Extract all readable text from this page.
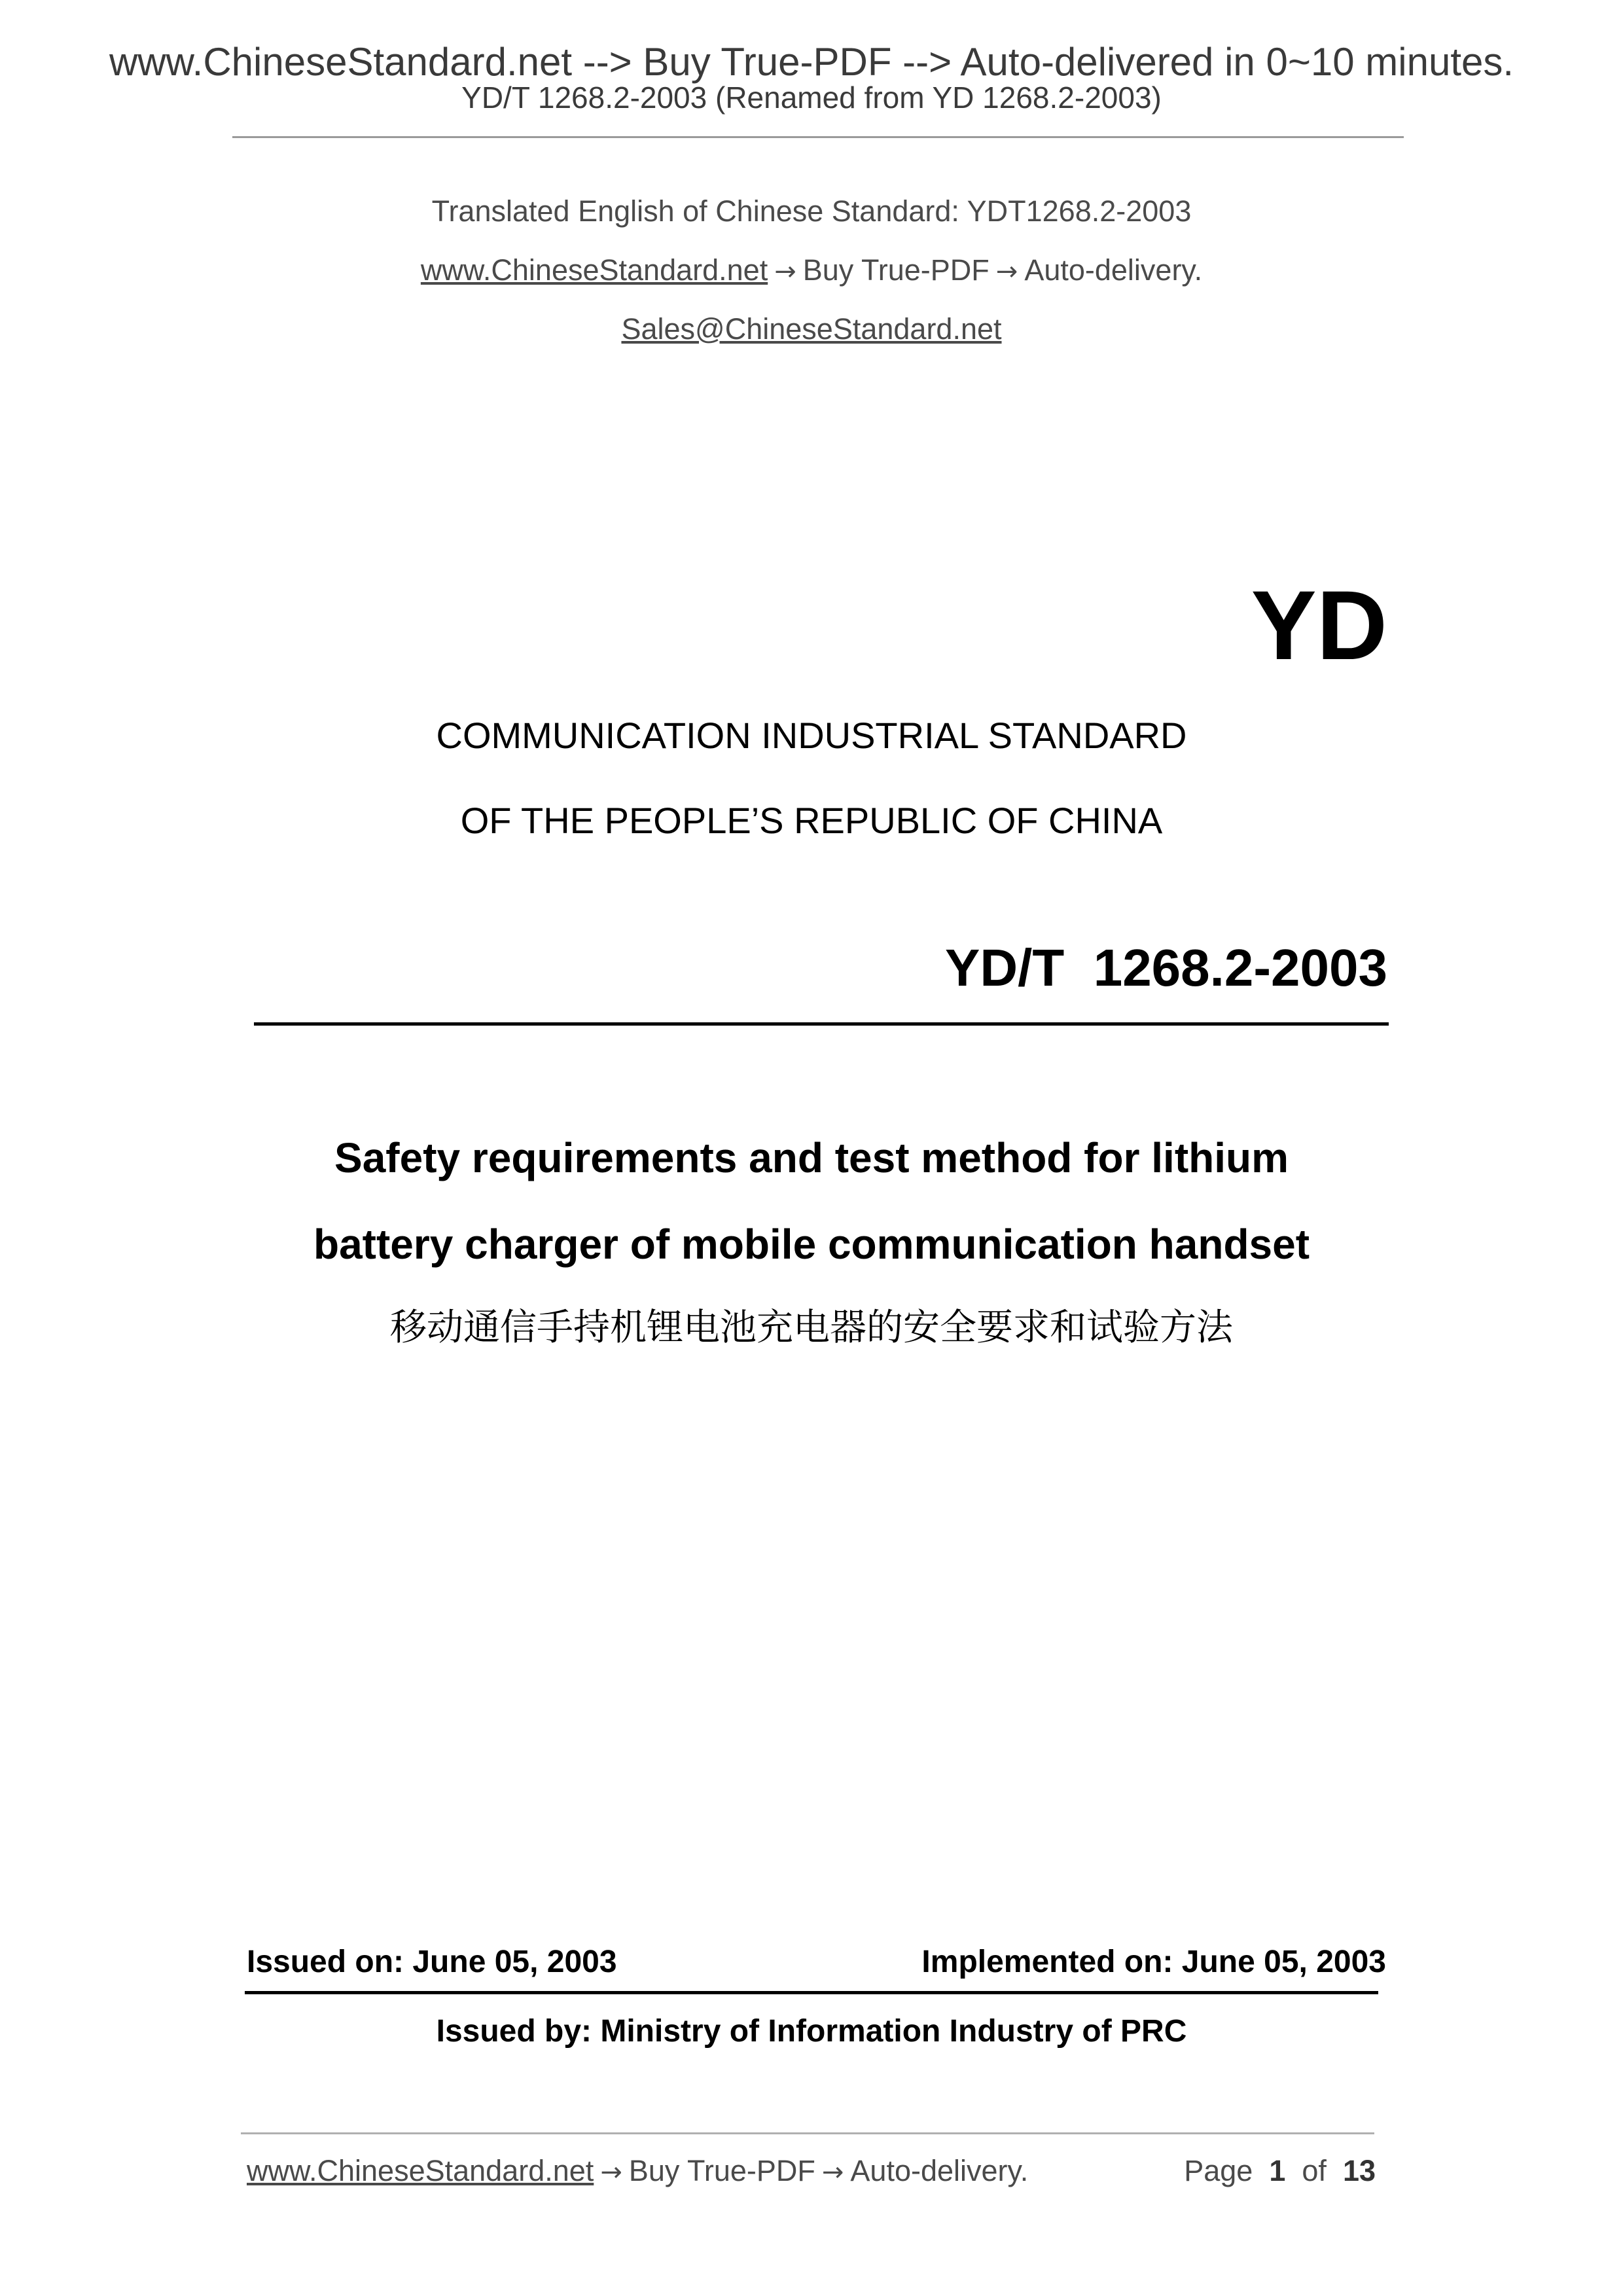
www.ChineseStandard.net --> Buy True-PDF --> Auto-delivered in 0~10 minutes.
YD/T 1268.2-2003 (Renamed from YD 1268.2-2003)
Translated English of Chinese Standard: YDT1268.2-2003
www.ChineseStandard.net → Buy True-PDF → Auto-delivery.
Sales@ChineseStandard.net
YD
COMMUNICATION INDUSTRIAL STANDARD
OF THE PEOPLE’S REPUBLIC OF CHINA
YD/T  1268.2-2003
Safety requirements and test method for lithium
battery charger of mobile communication handset
移动通信手持机锂电池充电器的安全要求和试验方法
Issued on: June 05, 2003	Implemented on: June 05, 2003
Issued by: Ministry of Information Industry of PRC
www.ChineseStandard.net → Buy True-PDF → Auto-delivery.	Page 1 of 13
